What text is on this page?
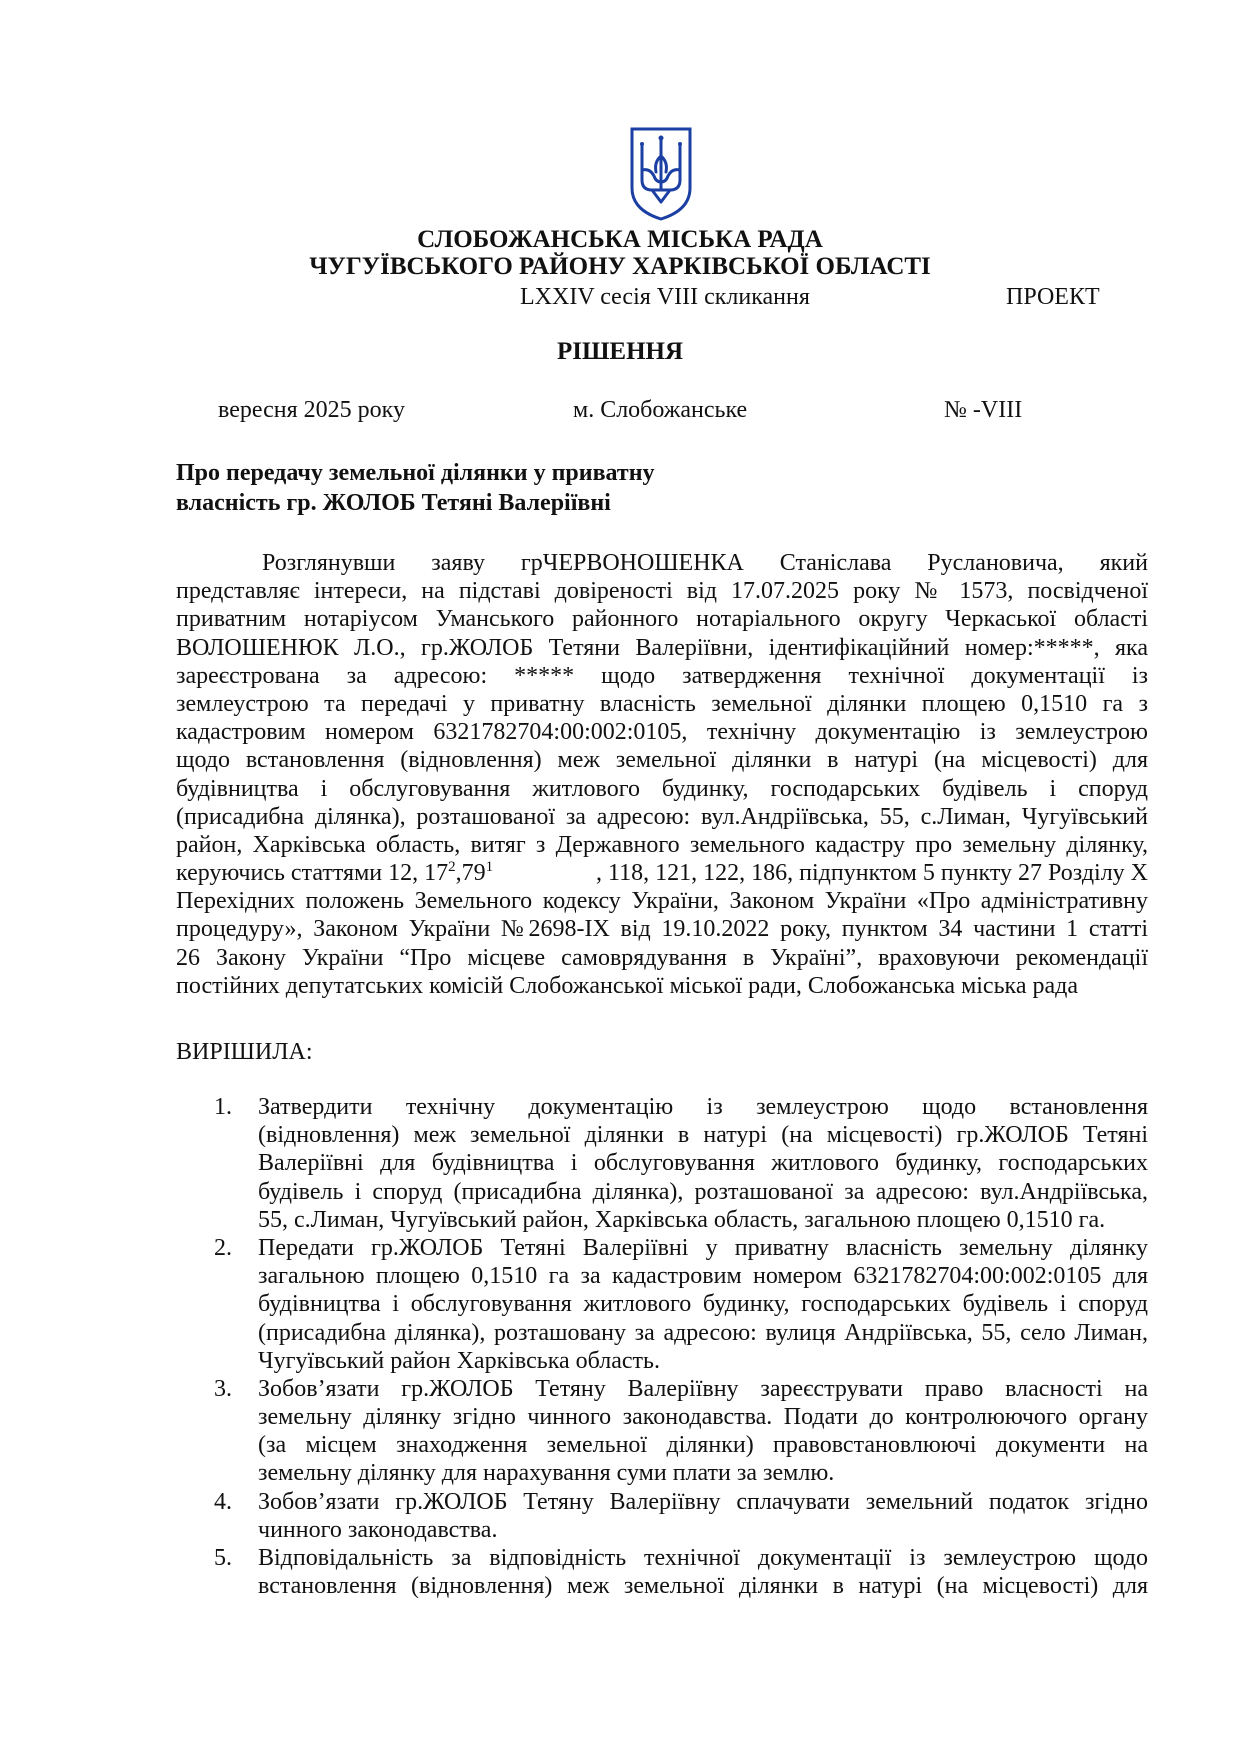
СЛОБОЖАНСЬКА МІСЬКА РАДА
ЧУГУЇВСЬКОГО РАЙОНУ ХАРКІВСЬКОЇ ОБЛАСТІ
LXXIV сесія VIII скликання	ПРОЕКТ
РІШЕННЯ
вересня 2025 року	м. Слобожанське	№ -VIII
Про передачу земельної ділянки у приватну
власність гр. ЖОЛОБ Тетяні Валеріївні
Розглянувши заяву грЧЕРВОНОШЕНКА Станіслава Руслановича, який
представляє інтереси, на підставі довіреності від 17.07.2025 року № 1573, посвідченої
приватним нотаріусом Уманського районного нотаріального округу Черкаської області
ВОЛОШЕНЮК Л.О., гр.ЖОЛОБ Тетяни Валеріївни, ідентифікаційний номер:*****, яка
зареєстрована за адресою: ***** щодо затвердження технічної документації із
землеустрою та передачі у приватну власність земельної ділянки площею 0,1510 га з
кадастровим номером 6321782704:00:002:0105, технічну документацію із землеустрою
щодо встановлення (відновлення) меж земельної ділянки в натурі (на місцевості) для
будівництва і обслуговування житлового будинку, господарських будівель і споруд
(присадибна ділянка), розташованої за адресою: вул.Андріївська, 55, с.Лиман, Чугуївський
район, Харківська область, витяг з Державного земельного кадастру про земельну ділянку,
керуючись статтями 12, $17^2,79^1$	, 118, 121, 122, 186, підпунктом 5 пункту 27 Розділу Х
Перехідних положень Земельного кодексу України, Законом України «Про адміністративну
процедуру», Законом України №2698-IX від 19.10.2022 року, пунктом 34 частини 1 статті
26 Закону України “Про місцеве самоврядування в Україні”, враховуючи рекомендації
постійних депутатських комісій Слобожанської міської ради, Слобожанська міська рада
ВИРІШИЛА:
1. Затвердити технічну документацію із землеустрою щодо встановлення
(відновлення) меж земельної ділянки в натурі (на місцевості) гр.ЖОЛОБ Тетяні
Валеріївні для будівництва і обслуговування житлового будинку, господарських
будівель і споруд (присадибна ділянка), розташованої за адресою: вул.Андріївська,
55, с.Лиман, Чугуївський район, Харківська область, загальною площею 0,1510 га.
2. Передати гр.ЖОЛОБ Тетяні Валеріївні у приватну власність земельну ділянку
загальною площею 0,1510 га за кадастровим номером 6321782704:00:002:0105 для
будівництва і обслуговування житлового будинку, господарських будівель і споруд
(присадибна ділянка), розташовану за адресою: вулиця Андріївська, 55, село Лиман,
Чугуївський район Харківська область.
3. Зобов’язати гр.ЖОЛОБ Тетяну Валеріївну зареєструвати право власності на
земельну ділянку згідно чинного законодавства. Подати до контролюючого органу
(за місцем знаходження земельної ділянки) правовстановлюючі документи на
земельну ділянку для нарахування суми плати за землю.
4. Зобов’язати гр.ЖОЛОБ Тетяну Валеріївну сплачувати земельний податок згідно
чинного законодавства.
5. Відповідальність за відповідність технічної документації із землеустрою щодо
встановлення (відновлення) меж земельної ділянки в натурі (на місцевості) для
